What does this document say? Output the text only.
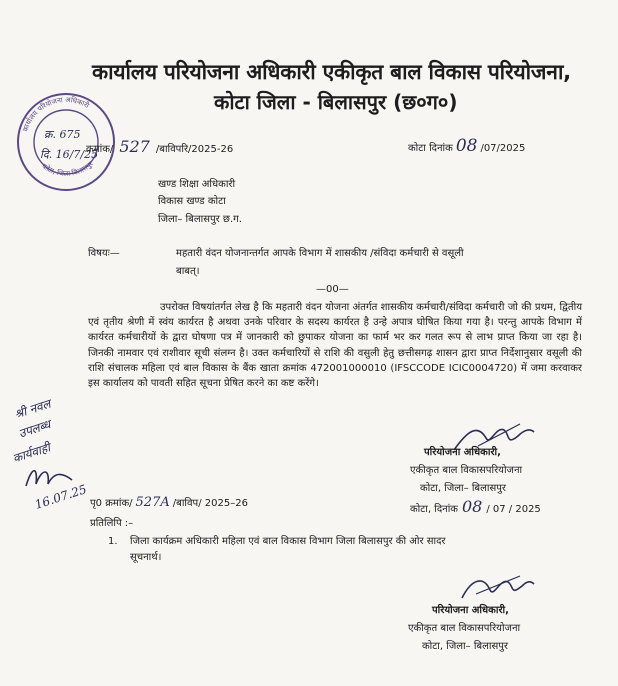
कार्यालय परियोजना अधिकारी एकीकृत बाल विकास परियोजना,
कोटा जिला - बिलासपुर (छ०ग०)
कार्यालय परियोजना अधिकारी
कोटा, जिला बिलासपुर
क्र. 675
दि. 16/7/25
क्रमांक/ 527 /बाविपरि/2025-26	कोटा दिनांक 08 /07/2025
खण्ड शिक्षा अधिकारी
विकास खण्ड कोटा
जिला– बिलासपुर छ.ग.
विषयः—	महतारी वंदन योजनान्तर्गत आपके विभाग में शासकीय /संविदा कर्मचारी से वसूली
बाबत्।
—00—
उपरोक्त विषयांतर्गत लेख है कि महतारी वंदन योजना अंतर्गत शासकीय कर्मचारी/संविदा कर्मचारी जो की प्रथम, द्वितीय एवं तृतीय श्रेणी में स्वंय कार्यरत है अथवा उनके परिवार के सदस्य कार्यरत है उन्हे अपात्र घोषित किया गया है। परन्तु आपके विभाग में कार्यरत कर्मचारीयों के द्वारा घोषणा पत्र में जानकारी को छुपाकर योजना का फार्म भर कर गलत रूप से लाभ प्राप्त किया जा रहा है। जिनकी नामवार एवं राशीवार सूची संलग्न है। उक्त कर्मचारियों से राशि की वसुली हेतु छत्तीसगढ़ शासन द्वारा प्राप्त निर्देशानुसार वसूली की राशि संचालक महिला एवं बाल विकास के बैंक खाता क्रमांक 472001000010 (IFSCCODE ICIC0004720) में जमा करवाकर इस कार्यालय को पावती सहित सूचना प्रेषित करने का कष्ट करेंगे।
श्री नवल
उपलब्ध
कार्यवाही
16.07.25
परियोजना अधिकारी,
एकीकृत बाल विकासपरियोजना
कोटा, जिला– बिलासपुर
कोटा, दिनांक 08 / 07 / 2025
पृ0 क्रमांक/ 527A /बाविप/ 2025–26
प्रतिलिपि :–
1. जिला कार्यक्रम अधिकारी महिला एवं बाल विकास विभाग जिला बिलासपुर की ओर सादर
सूचनार्थ।
परियोजना अधिकारी,
एकीकृत बाल विकासपरियोजना
कोटा, जिला– बिलासपुर
